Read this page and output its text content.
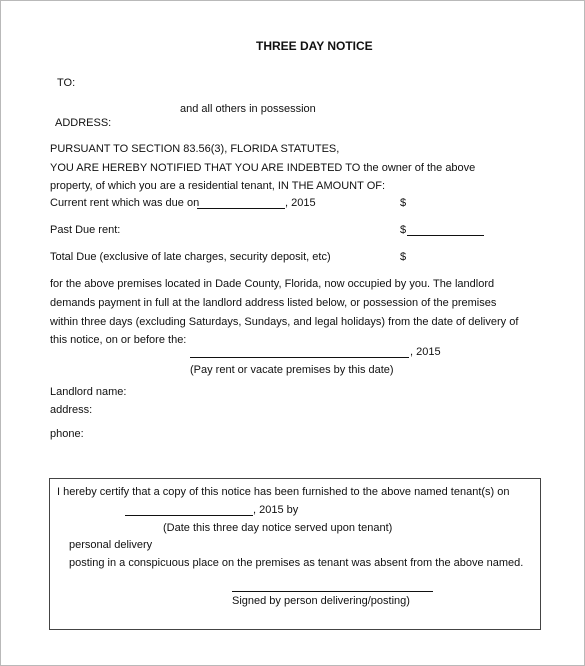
THREE DAY NOTICE
TO:
and all others in possession
ADDRESS:
PURSUANT TO SECTION 83.56(3), FLORIDA STATUTES,
YOU ARE HEREBY NOTIFIED THAT YOU ARE INDEBTED TO the owner of the above
property, of which you are a residential tenant, IN THE AMOUNT OF:
Current rent which was due on	, 2015	$
Past Due rent:	$
Total Due (exclusive of late charges, security deposit, etc)	$
for the above premises located in Dade County, Florida, now occupied by you. The landlord
demands payment in full at the landlord address listed below, or possession of the premises
within three days (excluding Saturdays, Sundays, and legal holidays) from the date of delivery of
this notice, on or before the:
, 2015
(Pay rent or vacate premises by this date)
Landlord name:
address:
phone:
I hereby certify that a copy of this notice has been furnished to the above named tenant(s) on
, 2015 by
(Date this three day notice served upon tenant)
personal delivery
posting in a conspicuous place on the premises as tenant was absent from the above named.
Signed by person delivering/posting)
